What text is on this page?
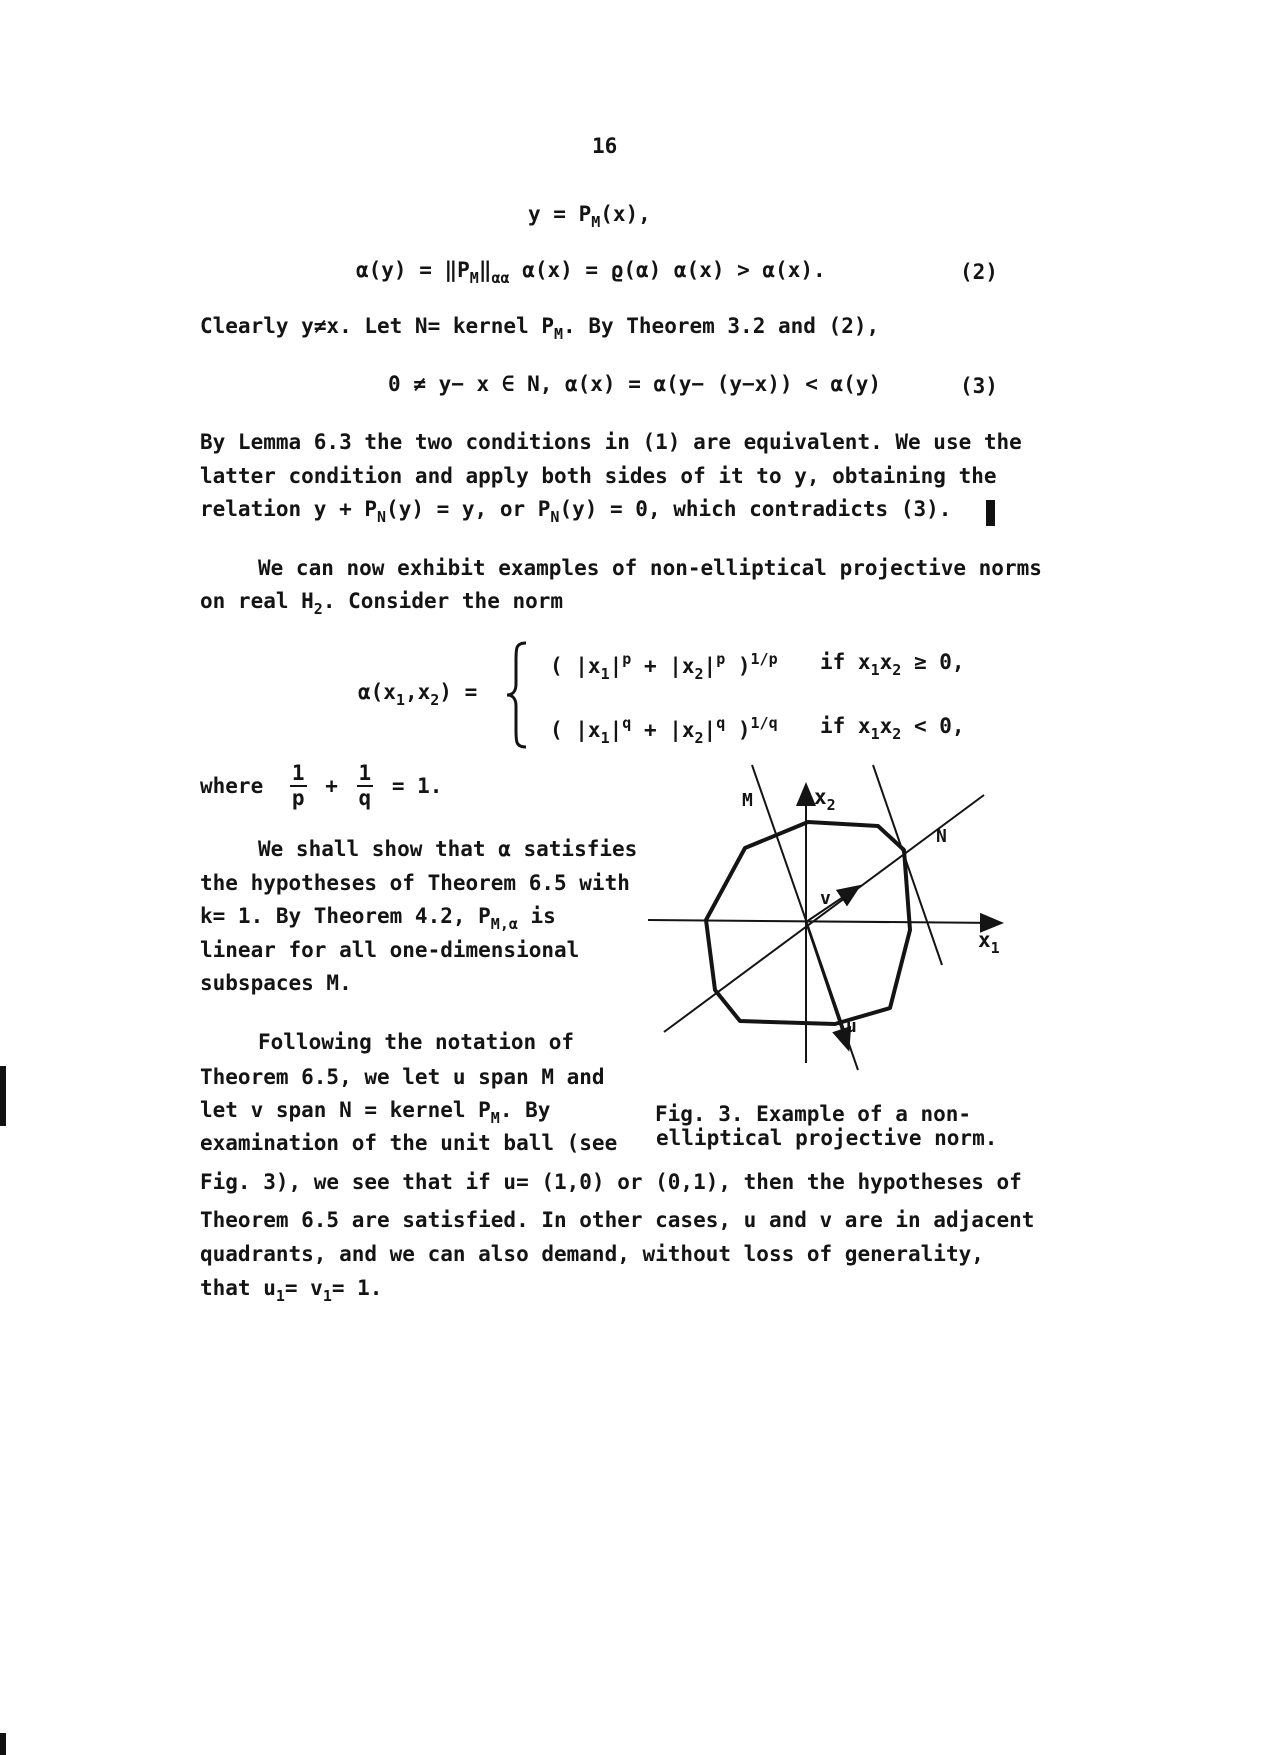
16
$y = P_M(x)$,
$\alpha(y) = ‖P_M‖_{\alpha\alpha}$ α(x) = ϱ(α) α(x) > α(x).	(2)
Clearly y≠x. Let N= kernel $P_M$. By Theorem 3.2 and (2),
0 ≠ y− x ∈ N, α(x) = α(y− (y−x)) < α(y)	(3)
By Lemma 6.3 the two conditions in (1) are equivalent. We use the
latter condition and apply both sides of it to y, obtaining the
relation $y + P_N(y) = y$, or $P_N(y) = 0$, which contradicts (3).
We can now exhibit examples of non-elliptical projective norms
on real $H_2$. Consider the norm
$\alpha(x_1,x_2)$ =
( $|x_1|^p + |x_2|^p$ )$^{1/p}$ if $x_1x_2 \ge 0$,
( $|x_1|^q + |x_2|^q$ )$^{1/q}$ if $x_1x_2 < 0$,
where $\frac{1}{p} + \frac{1}{q} = 1$.
We shall show that α satisfies
the hypotheses of Theorem 6.5 with
k= 1. By Theorem 4.2, $P_{M,\alpha}$ is
linear for all one-dimensional
subspaces M.
Following the notation of
Theorem 6.5, we let u span M and
let v span N = kernel $P_M$. By
examination of the unit ball (see
Fig. 3), we see that if u= (1,0) or (0,1), then the hypotheses of
Theorem 6.5 are satisfied. In other cases, u and v are in adjacent
quadrants, and we can also demand, without loss of generality,
that $u_1= v_1= 1$.
M	$x_2$
N
v
$x_1$
u
Fig. 3. Example of a non-
elliptical projective norm.
